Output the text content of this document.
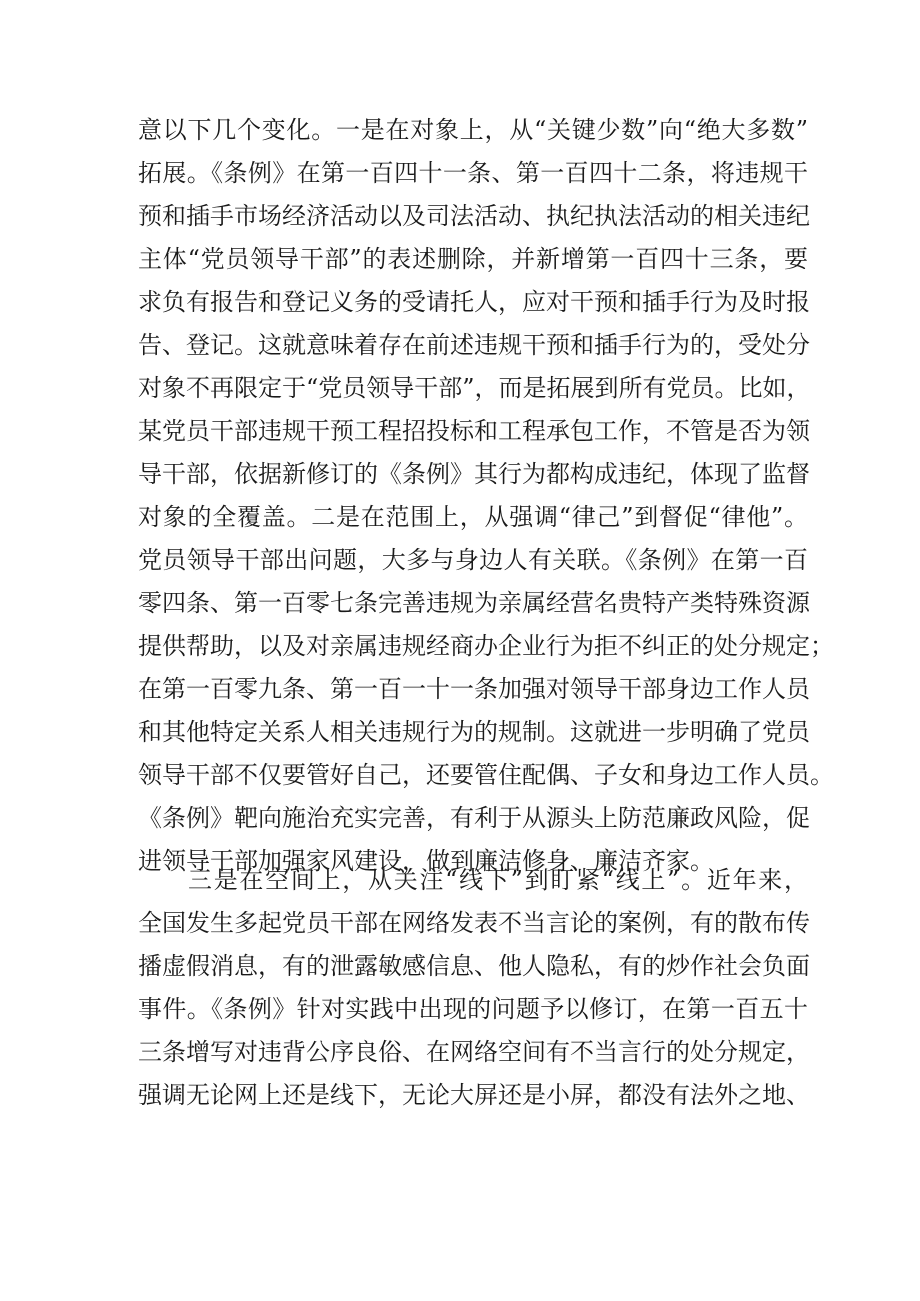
意以下几个变化。一是在对象上，从“关键少数”向“绝大多数”
拓展。《条例》在第一百四十一条、第一百四十二条，将违规干
预和插手市场经济活动以及司法活动、执纪执法活动的相关违纪
主体“党员领导干部”的表述删除，并新增第一百四十三条，要
求负有报告和登记义务的受请托人，应对干预和插手行为及时报
告、登记。这就意味着存在前述违规干预和插手行为的，受处分
对象不再限定于“党员领导干部”，而是拓展到所有党员。比如，
某党员干部违规干预工程招投标和工程承包工作，不管是否为领
导干部，依据新修订的《条例》其行为都构成违纪，体现了监督
对象的全覆盖。二是在范围上，从强调“律己”到督促“律他”。
党员领导干部出问题，大多与身边人有关联。《条例》在第一百
零四条、第一百零七条完善违规为亲属经营名贵特产类特殊资源
提供帮助，以及对亲属违规经商办企业行为拒不纠正的处分规定；
在第一百零九条、第一百一十一条加强对领导干部身边工作人员
和其他特定关系人相关违规行为的规制。这就进一步明确了党员
领导干部不仅要管好自己，还要管住配偶、子女和身边工作人员。
《条例》靶向施治充实完善，有利于从源头上防范廉政风险，促
进领导干部加强家风建设，做到廉洁修身、廉洁齐家。
三是在空间上，从关注“线下”到盯紧“线上”。近年来，
全国发生多起党员干部在网络发表不当言论的案例，有的散布传
播虚假消息，有的泄露敏感信息、他人隐私，有的炒作社会负面
事件。《条例》针对实践中出现的问题予以修订，在第一百五十
三条增写对违背公序良俗、在网络空间有不当言行的处分规定，
强调无论网上还是线下，无论大屏还是小屏，都没有法外之地、
